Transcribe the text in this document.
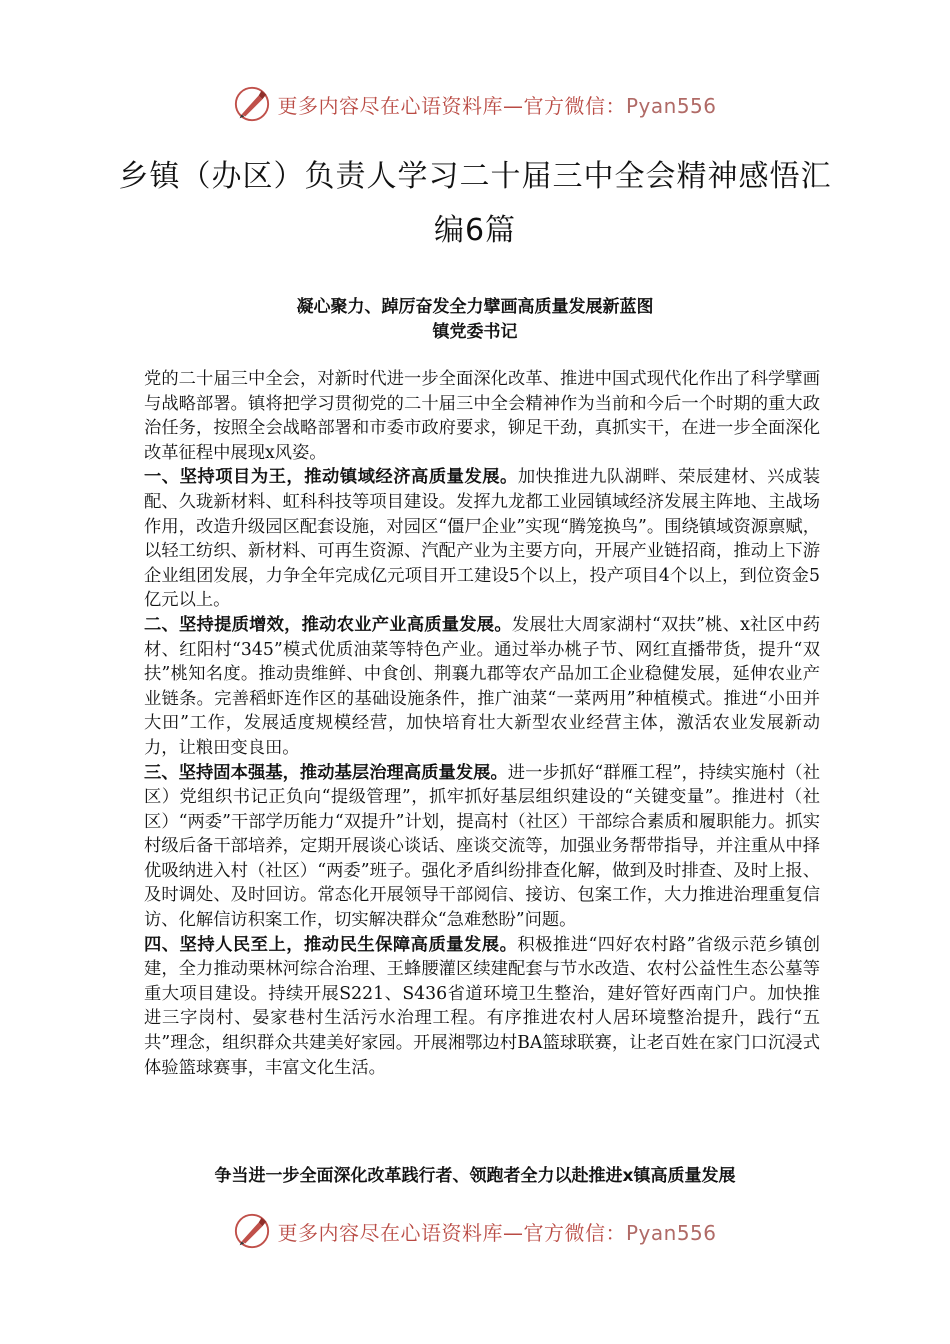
更多内容尽在心语资料库—官方微信：Pyan556
乡镇（办区）负责人学习二十届三中全会精神感悟汇
编6篇

凝心聚力、踔厉奋发全力擘画高质量发展新蓝图

镇党委书记

党的二十届三中全会，对新时代进一步全面深化改革、推进中国式现代化作出了科学擘画与战略部署。镇将把学习贯彻党的二十届三中全会精神作为当前和今后一个时期的重大政治任务，按照全会战略部署和市委市政府要求，铆足干劲，真抓实干，在进一步全面深化改革征程中展现x风姿。

一、坚持项目为王，推动镇域经济高质量发展。加快推进九队湖畔、荣辰建材、兴成装配、久珑新材料、虹科科技等项目建设。发挥九龙都工业园镇域经济发展主阵地、主战场作用，改造升级园区配套设施，对园区“僵尸企业”实现“腾笼换鸟”。围绕镇域资源禀赋，以轻工纺织、新材料、可再生资源、汽配产业为主要方向，开展产业链招商，推动上下游企业组团发展，力争全年完成亿元项目开工建设5个以上，投产项目4个以上，到位资金5亿元以上。

二、坚持提质增效，推动农业产业高质量发展。发展壮大周家湖村“双扶”桃、x社区中药材、红阳村“345”模式优质油菜等特色产业。通过举办桃子节、网红直播带货，提升“双扶”桃知名度。推动贵维鲜、中食创、荆襄九郡等农产品加工企业稳健发展，延伸农业产业链条。完善稻虾连作区的基础设施条件，推广油菜“一菜两用”种植模式。推进“小田并大田”工作，发展适度规模经营，加快培育壮大新型农业经营主体，激活农业发展新动力，让粮田变良田。

三、坚持固本强基，推动基层治理高质量发展。进一步抓好“群雁工程”，持续实施村（社区）党组织书记正负向“提级管理”，抓牢抓好基层组织建设的“关键变量”。推进村（社区）“两委”干部学历能力“双提升”计划，提高村（社区）干部综合素质和履职能力。抓实村级后备干部培养，定期开展谈心谈话、座谈交流等，加强业务帮带指导，并注重从中择优吸纳进入村（社区）“两委”班子。强化矛盾纠纷排查化解，做到及时排查、及时上报、及时调处、及时回访。常态化开展领导干部阅信、接访、包案工作，大力推进治理重复信访、化解信访积案工作，切实解决群众“急难愁盼”问题。

四、坚持人民至上，推动民生保障高质量发展。积极推进“四好农村路”省级示范乡镇创建，全力推动栗林河综合治理、王蜂腰灌区续建配套与节水改造、农村公益性生态公墓等重大项目建设。持续开展S221、S436省道环境卫生整治，建好管好西南门户。加快推进三字岗村、晏家巷村生活污水治理工程。有序推进农村人居环境整治提升，践行“五共”理念，组织群众共建美好家园。开展湘鄂边村BA篮球联赛，让老百姓在家门口沉浸式体验篮球赛事，丰富文化生活。

争当进一步全面深化改革践行者、领跑者全力以赴推进x镇高质量发展

更多内容尽在心语资料库—官方微信：Pyan556
